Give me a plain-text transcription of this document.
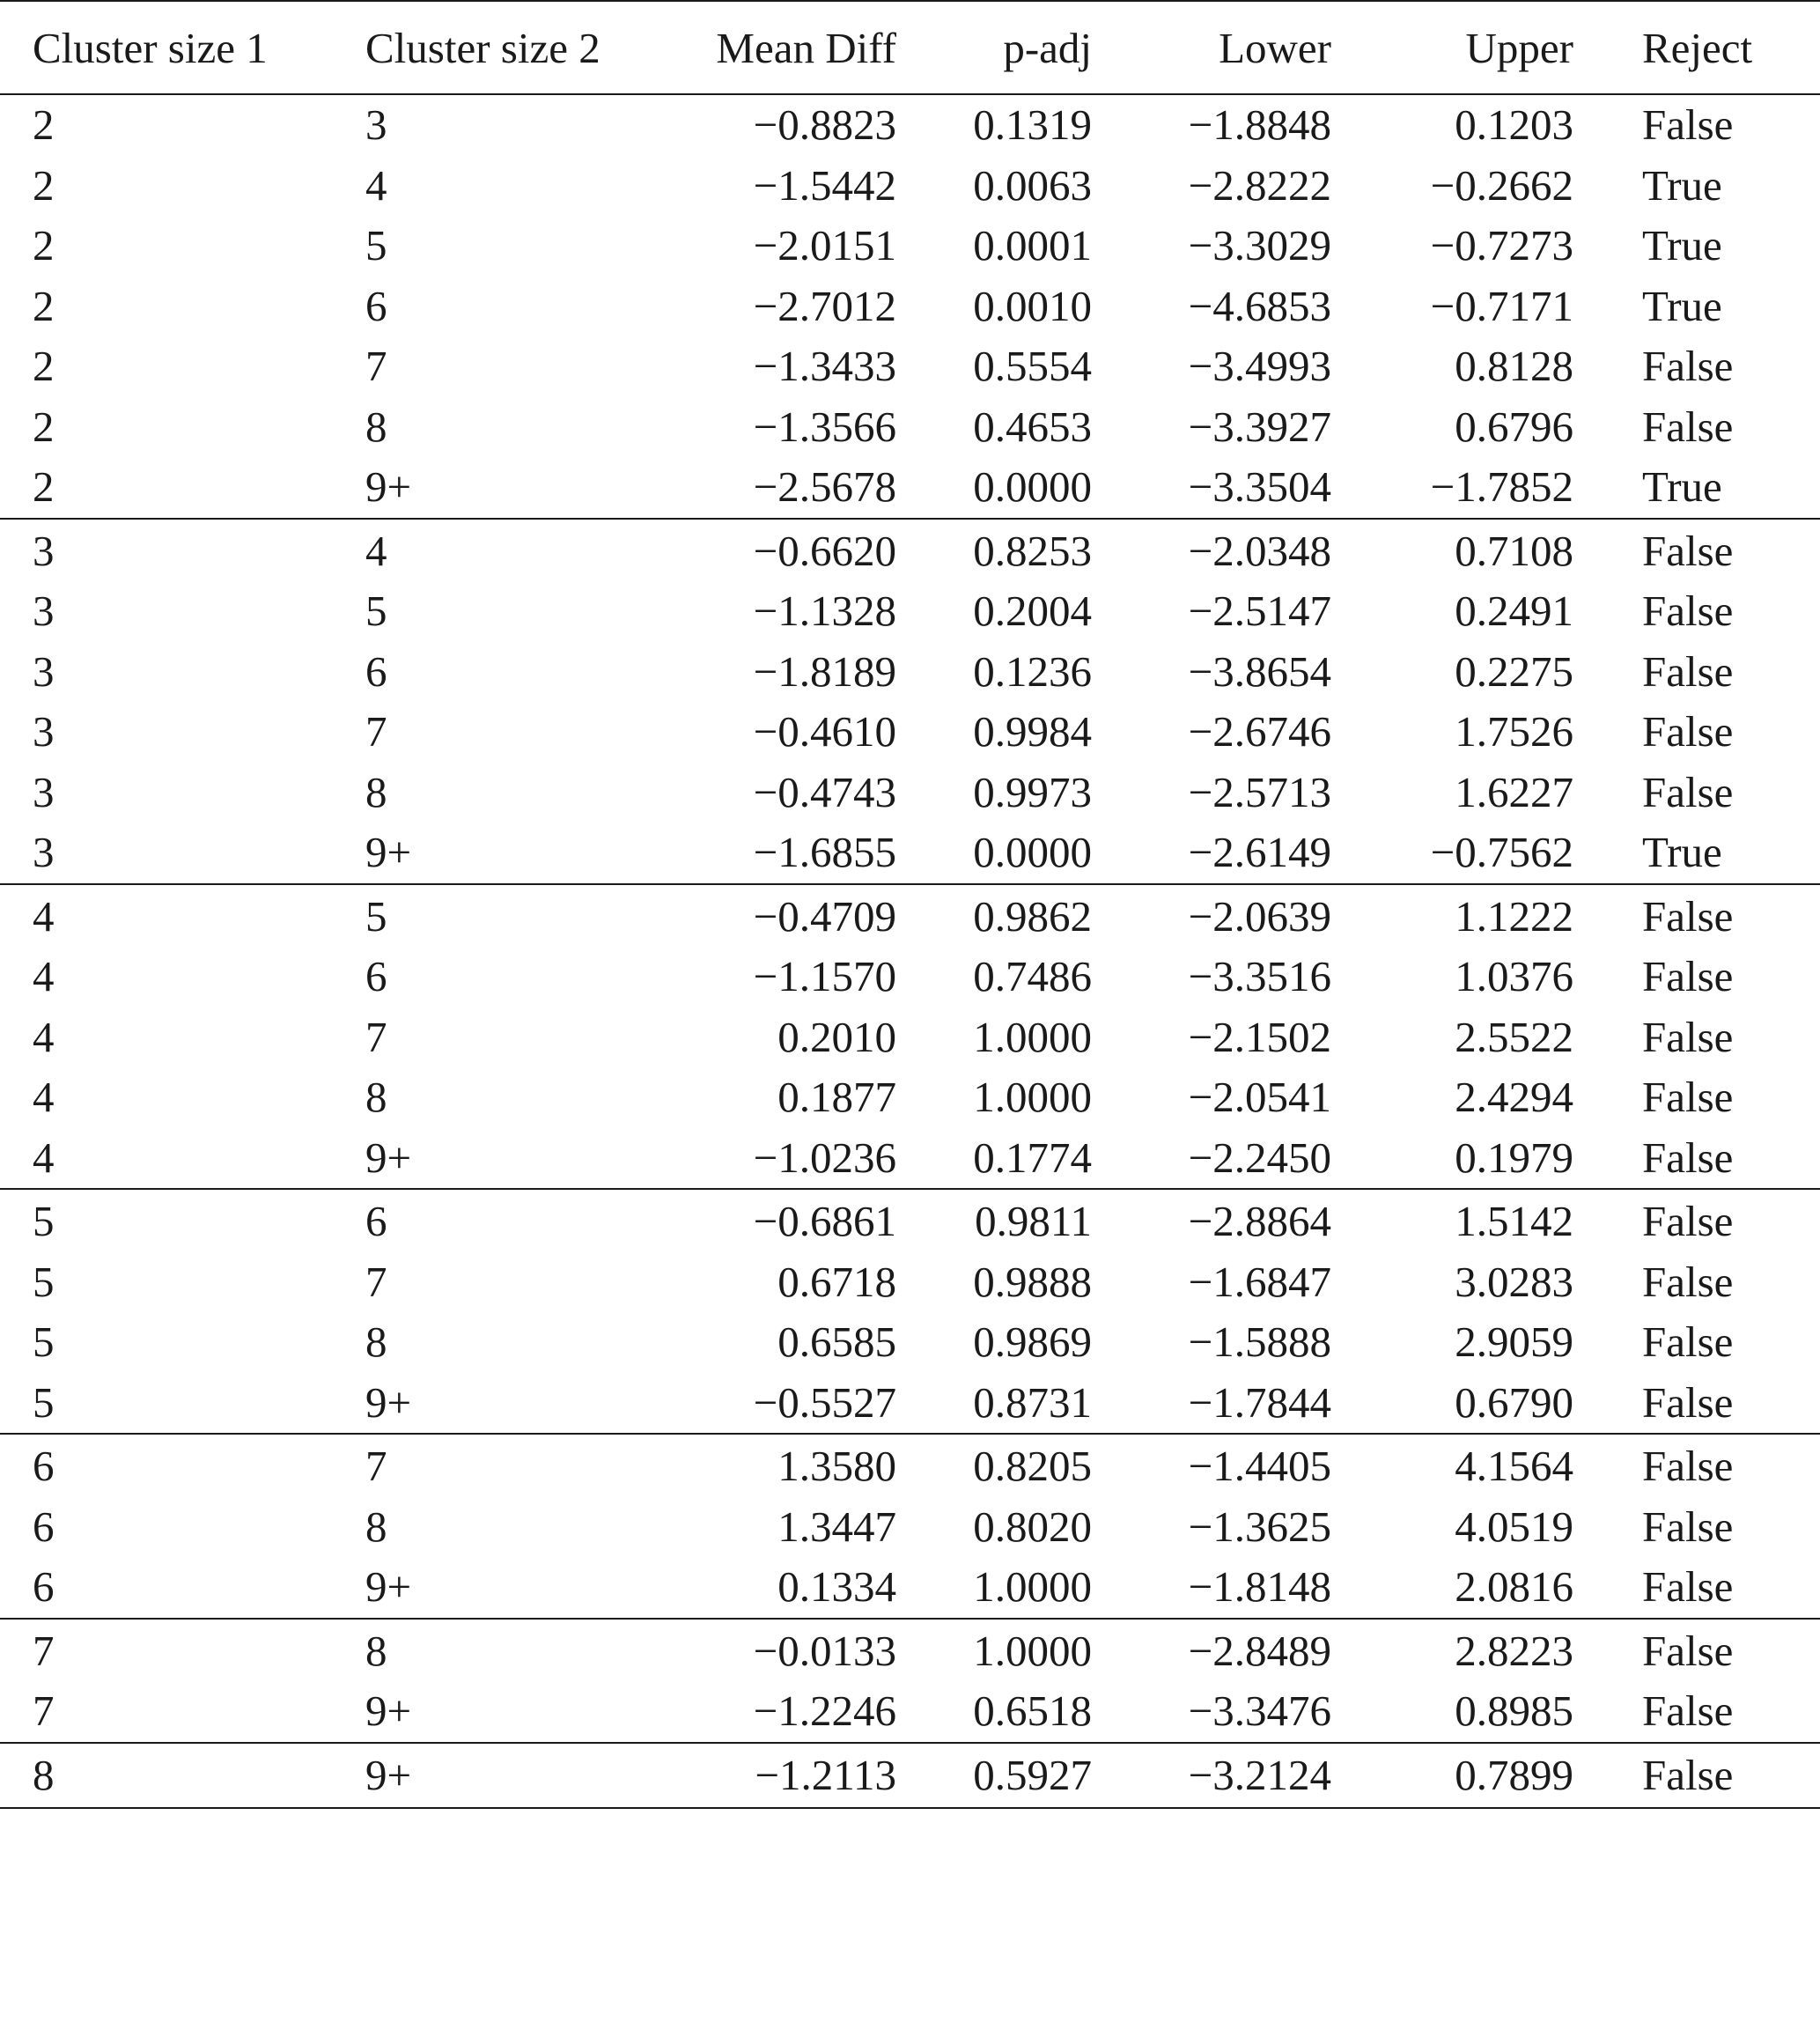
Cluster size 1	Cluster size 2	Mean Diff	p-adj	Lower	Upper	Reject

2	3	−0.8823	0.1319	−1.8848	0.1203	False
2	4	−1.5442	0.0063	−2.8222	−0.2662	True
2	5	−2.0151	0.0001	−3.3029	−0.7273	True
2	6	−2.7012	0.0010	−4.6853	−0.7171	True
2	7	−1.3433	0.5554	−3.4993	0.8128	False
2	8	−1.3566	0.4653	−3.3927	0.6796	False
2	9+	−2.5678	0.0000	−3.3504	−1.7852	True

3	4	−0.6620	0.8253	−2.0348	0.7108	False
3	5	−1.1328	0.2004	−2.5147	0.2491	False
3	6	−1.8189	0.1236	−3.8654	0.2275	False
3	7	−0.4610	0.9984	−2.6746	1.7526	False
3	8	−0.4743	0.9973	−2.5713	1.6227	False
3	9+	−1.6855	0.0000	−2.6149	−0.7562	True

4	5	−0.4709	0.9862	−2.0639	1.1222	False
4	6	−1.1570	0.7486	−3.3516	1.0376	False
4	7	0.2010	1.0000	−2.1502	2.5522	False
4	8	0.1877	1.0000	−2.0541	2.4294	False
4	9+	−1.0236	0.1774	−2.2450	0.1979	False

5	6	−0.6861	0.9811	−2.8864	1.5142	False
5	7	0.6718	0.9888	−1.6847	3.0283	False
5	8	0.6585	0.9869	−1.5888	2.9059	False
5	9+	−0.5527	0.8731	−1.7844	0.6790	False

6	7	1.3580	0.8205	−1.4405	4.1564	False
6	8	1.3447	0.8020	−1.3625	4.0519	False
6	9+	0.1334	1.0000	−1.8148	2.0816	False

7	8	−0.0133	1.0000	−2.8489	2.8223	False
7	9+	−1.2246	0.6518	−3.3476	0.8985	False

8	9+	−1.2113	0.5927	−3.2124	0.7899	False
